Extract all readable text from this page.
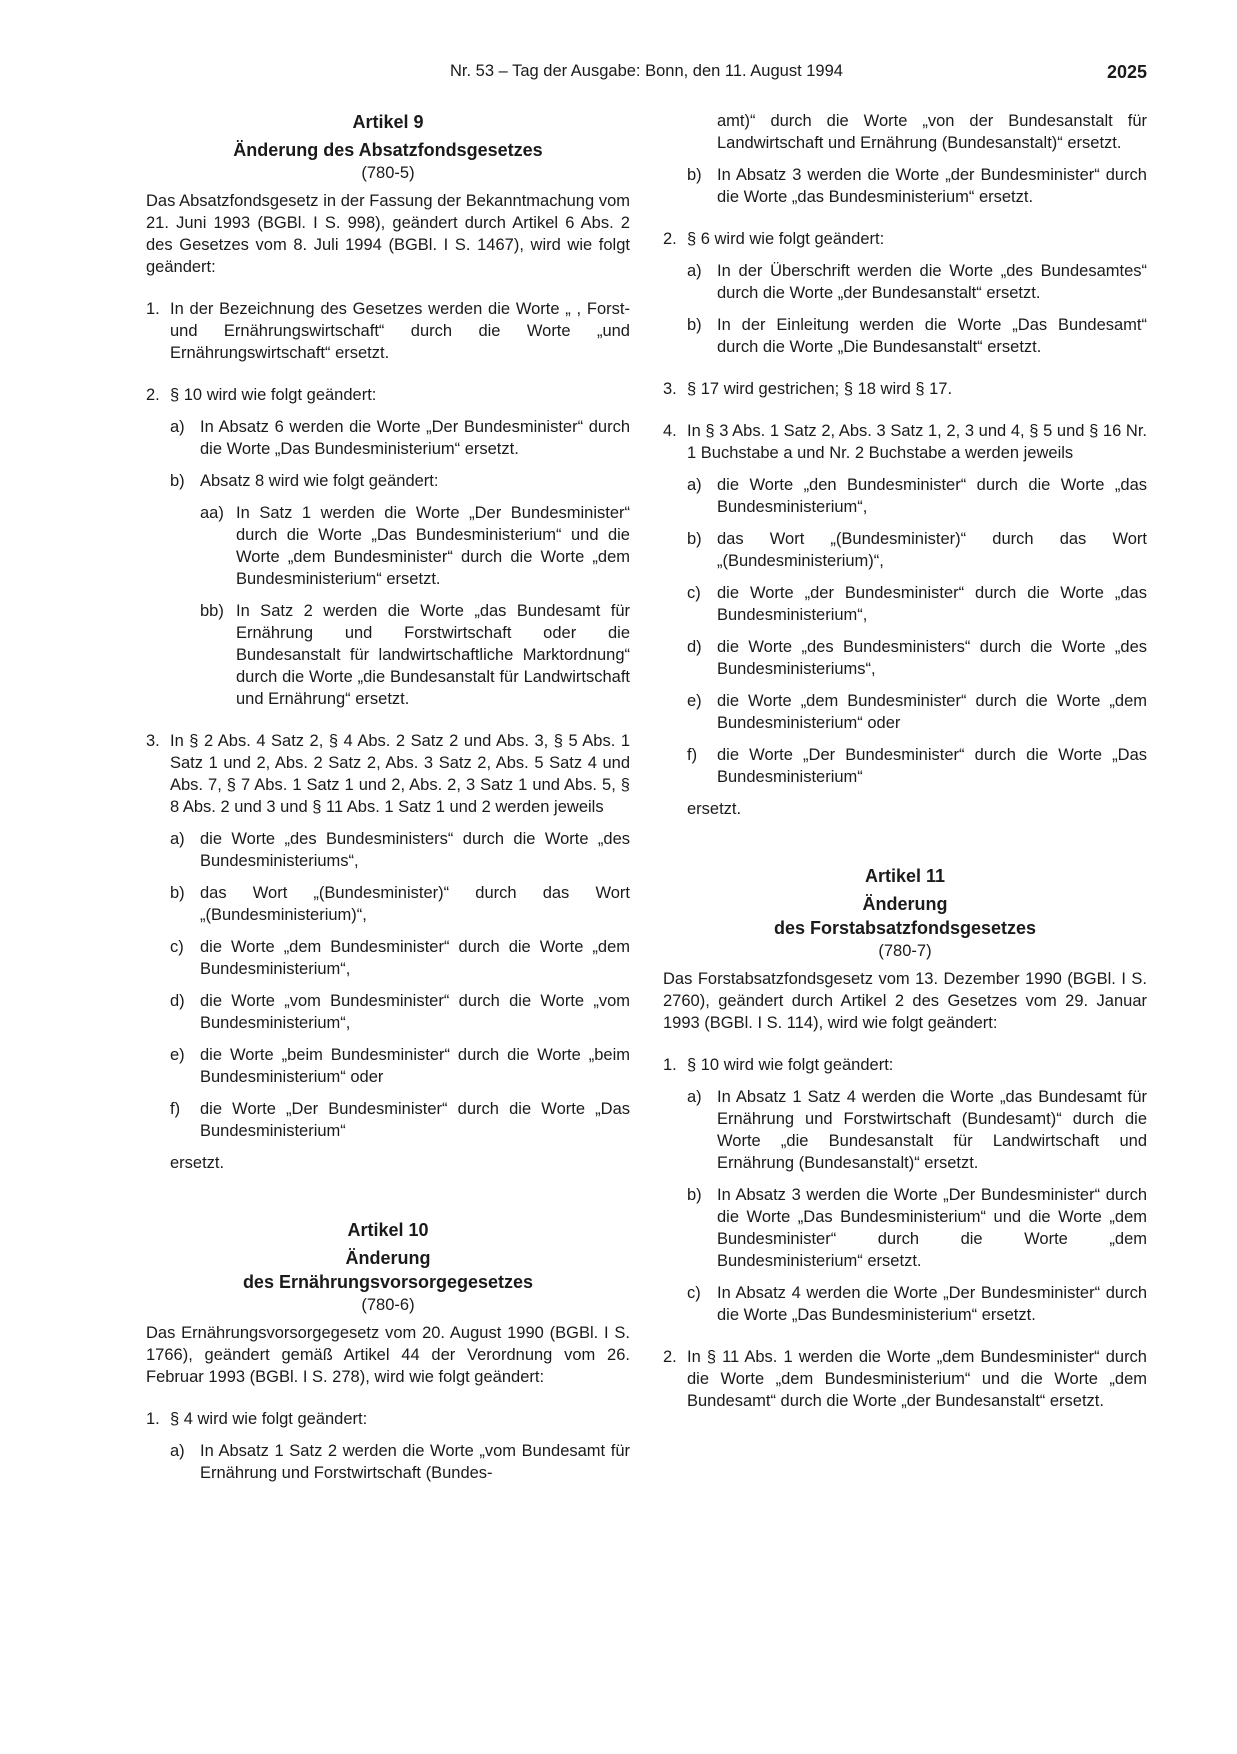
Nr. 53 – Tag der Ausgabe: Bonn, den 11. August 1994	2025

Artikel 9

Änderung des Absatzfondsgesetzes

(780-5)

Das Absatzfondsgesetz in der Fassung der Bekanntmachung vom 21. Juni 1993 (BGBl. I S. 998), geändert durch Artikel 6 Abs. 2 des Gesetzes vom 8. Juli 1994 (BGBl. I S. 1467), wird wie folgt geändert:

1. In der Bezeichnung des Gesetzes werden die Worte „ , Forst- und Ernährungswirtschaft“ durch die Worte „und Ernährungswirtschaft“ ersetzt.
2. § 10 wird wie folgt geändert:
a) In Absatz 6 werden die Worte „Der Bundesminister“ durch die Worte „Das Bundesministerium“ ersetzt.
b) Absatz 8 wird wie folgt geändert:
aa) In Satz 1 werden die Worte „Der Bundesminister“ durch die Worte „Das Bundesministerium“ und die Worte „dem Bundesminister“ durch die Worte „dem Bundesministerium“ ersetzt.
bb) In Satz 2 werden die Worte „das Bundesamt für Ernährung und Forstwirtschaft oder die Bundesanstalt für landwirtschaftliche Marktordnung“ durch die Worte „die Bundesanstalt für Landwirtschaft und Ernährung“ ersetzt.
3. In § 2 Abs. 4 Satz 2, § 4 Abs. 2 Satz 2 und Abs. 3, § 5 Abs. 1 Satz 1 und 2, Abs. 2 Satz 2, Abs. 3 Satz 2, Abs. 5 Satz 4 und Abs. 7, § 7 Abs. 1 Satz 1 und 2, Abs. 2, 3 Satz 1 und Abs. 5, § 8 Abs. 2 und 3 und § 11 Abs. 1 Satz 1 und 2 werden jeweils
a) die Worte „des Bundesministers“ durch die Worte „des Bundesministeriums“,
b) das Wort „(Bundesminister)“ durch das Wort „(Bundesministerium)“,
c) die Worte „dem Bundesminister“ durch die Worte „dem Bundesministerium“,
d) die Worte „vom Bundesminister“ durch die Worte „vom Bundesministerium“,
e) die Worte „beim Bundesminister“ durch die Worte „beim Bundesministerium“ oder
f) die Worte „Der Bundesminister“ durch die Worte „Das Bundesministerium“

ersetzt.

Artikel 10

Änderung

des Ernährungsvorsorgegesetzes

(780-6)

Das Ernährungsvorsorgegesetz vom 20. August 1990 (BGBl. I S. 1766), geändert gemäß Artikel 44 der Verordnung vom 26. Februar 1993 (BGBl. I S. 278), wird wie folgt geändert:

1. § 4 wird wie folgt geändert:
a) In Absatz 1 Satz 2 werden die Worte „vom Bundesamt für Ernährung und Forstwirtschaft (Bundes-
amt)“ durch die Worte „von der Bundesanstalt für Landwirtschaft und Ernährung (Bundesanstalt)“ ersetzt.
b) In Absatz 3 werden die Worte „der Bundesminister“ durch die Worte „das Bundesministerium“ ersetzt.
2. § 6 wird wie folgt geändert:
a) In der Überschrift werden die Worte „des Bundesamtes“ durch die Worte „der Bundesanstalt“ ersetzt.
b) In der Einleitung werden die Worte „Das Bundesamt“ durch die Worte „Die Bundesanstalt“ ersetzt.
3. § 17 wird gestrichen; § 18 wird § 17.
4. In § 3 Abs. 1 Satz 2, Abs. 3 Satz 1, 2, 3 und 4, § 5 und § 16 Nr. 1 Buchstabe a und Nr. 2 Buchstabe a werden jeweils
a) die Worte „den Bundesminister“ durch die Worte „das Bundesministerium“,
b) das Wort „(Bundesminister)“ durch das Wort „(Bundesministerium)“,
c) die Worte „der Bundesminister“ durch die Worte „das Bundesministerium“,
d) die Worte „des Bundesministers“ durch die Worte „des Bundesministeriums“,
e) die Worte „dem Bundesminister“ durch die Worte „dem Bundesministerium“ oder
f) die Worte „Der Bundesminister“ durch die Worte „Das Bundesministerium“

ersetzt.

Artikel 11

Änderung

des Forstabsatzfondsgesetzes

(780-7)

Das Forstabsatzfondsgesetz vom 13. Dezember 1990 (BGBl. I S. 2760), geändert durch Artikel 2 des Gesetzes vom 29. Januar 1993 (BGBl. I S. 114), wird wie folgt geändert:

1. § 10 wird wie folgt geändert:
a) In Absatz 1 Satz 4 werden die Worte „das Bundesamt für Ernährung und Forstwirtschaft (Bundesamt)“ durch die Worte „die Bundesanstalt für Landwirtschaft und Ernährung (Bundesanstalt)“ ersetzt.
b) In Absatz 3 werden die Worte „Der Bundesminister“ durch die Worte „Das Bundesministerium“ und die Worte „dem Bundesminister“ durch die Worte „dem Bundesministerium“ ersetzt.
c) In Absatz 4 werden die Worte „Der Bundesminister“ durch die Worte „Das Bundesministerium“ ersetzt.
2. In § 11 Abs. 1 werden die Worte „dem Bundesminister“ durch die Worte „dem Bundesministerium“ und die Worte „dem Bundesamt“ durch die Worte „der Bundesanstalt“ ersetzt.
